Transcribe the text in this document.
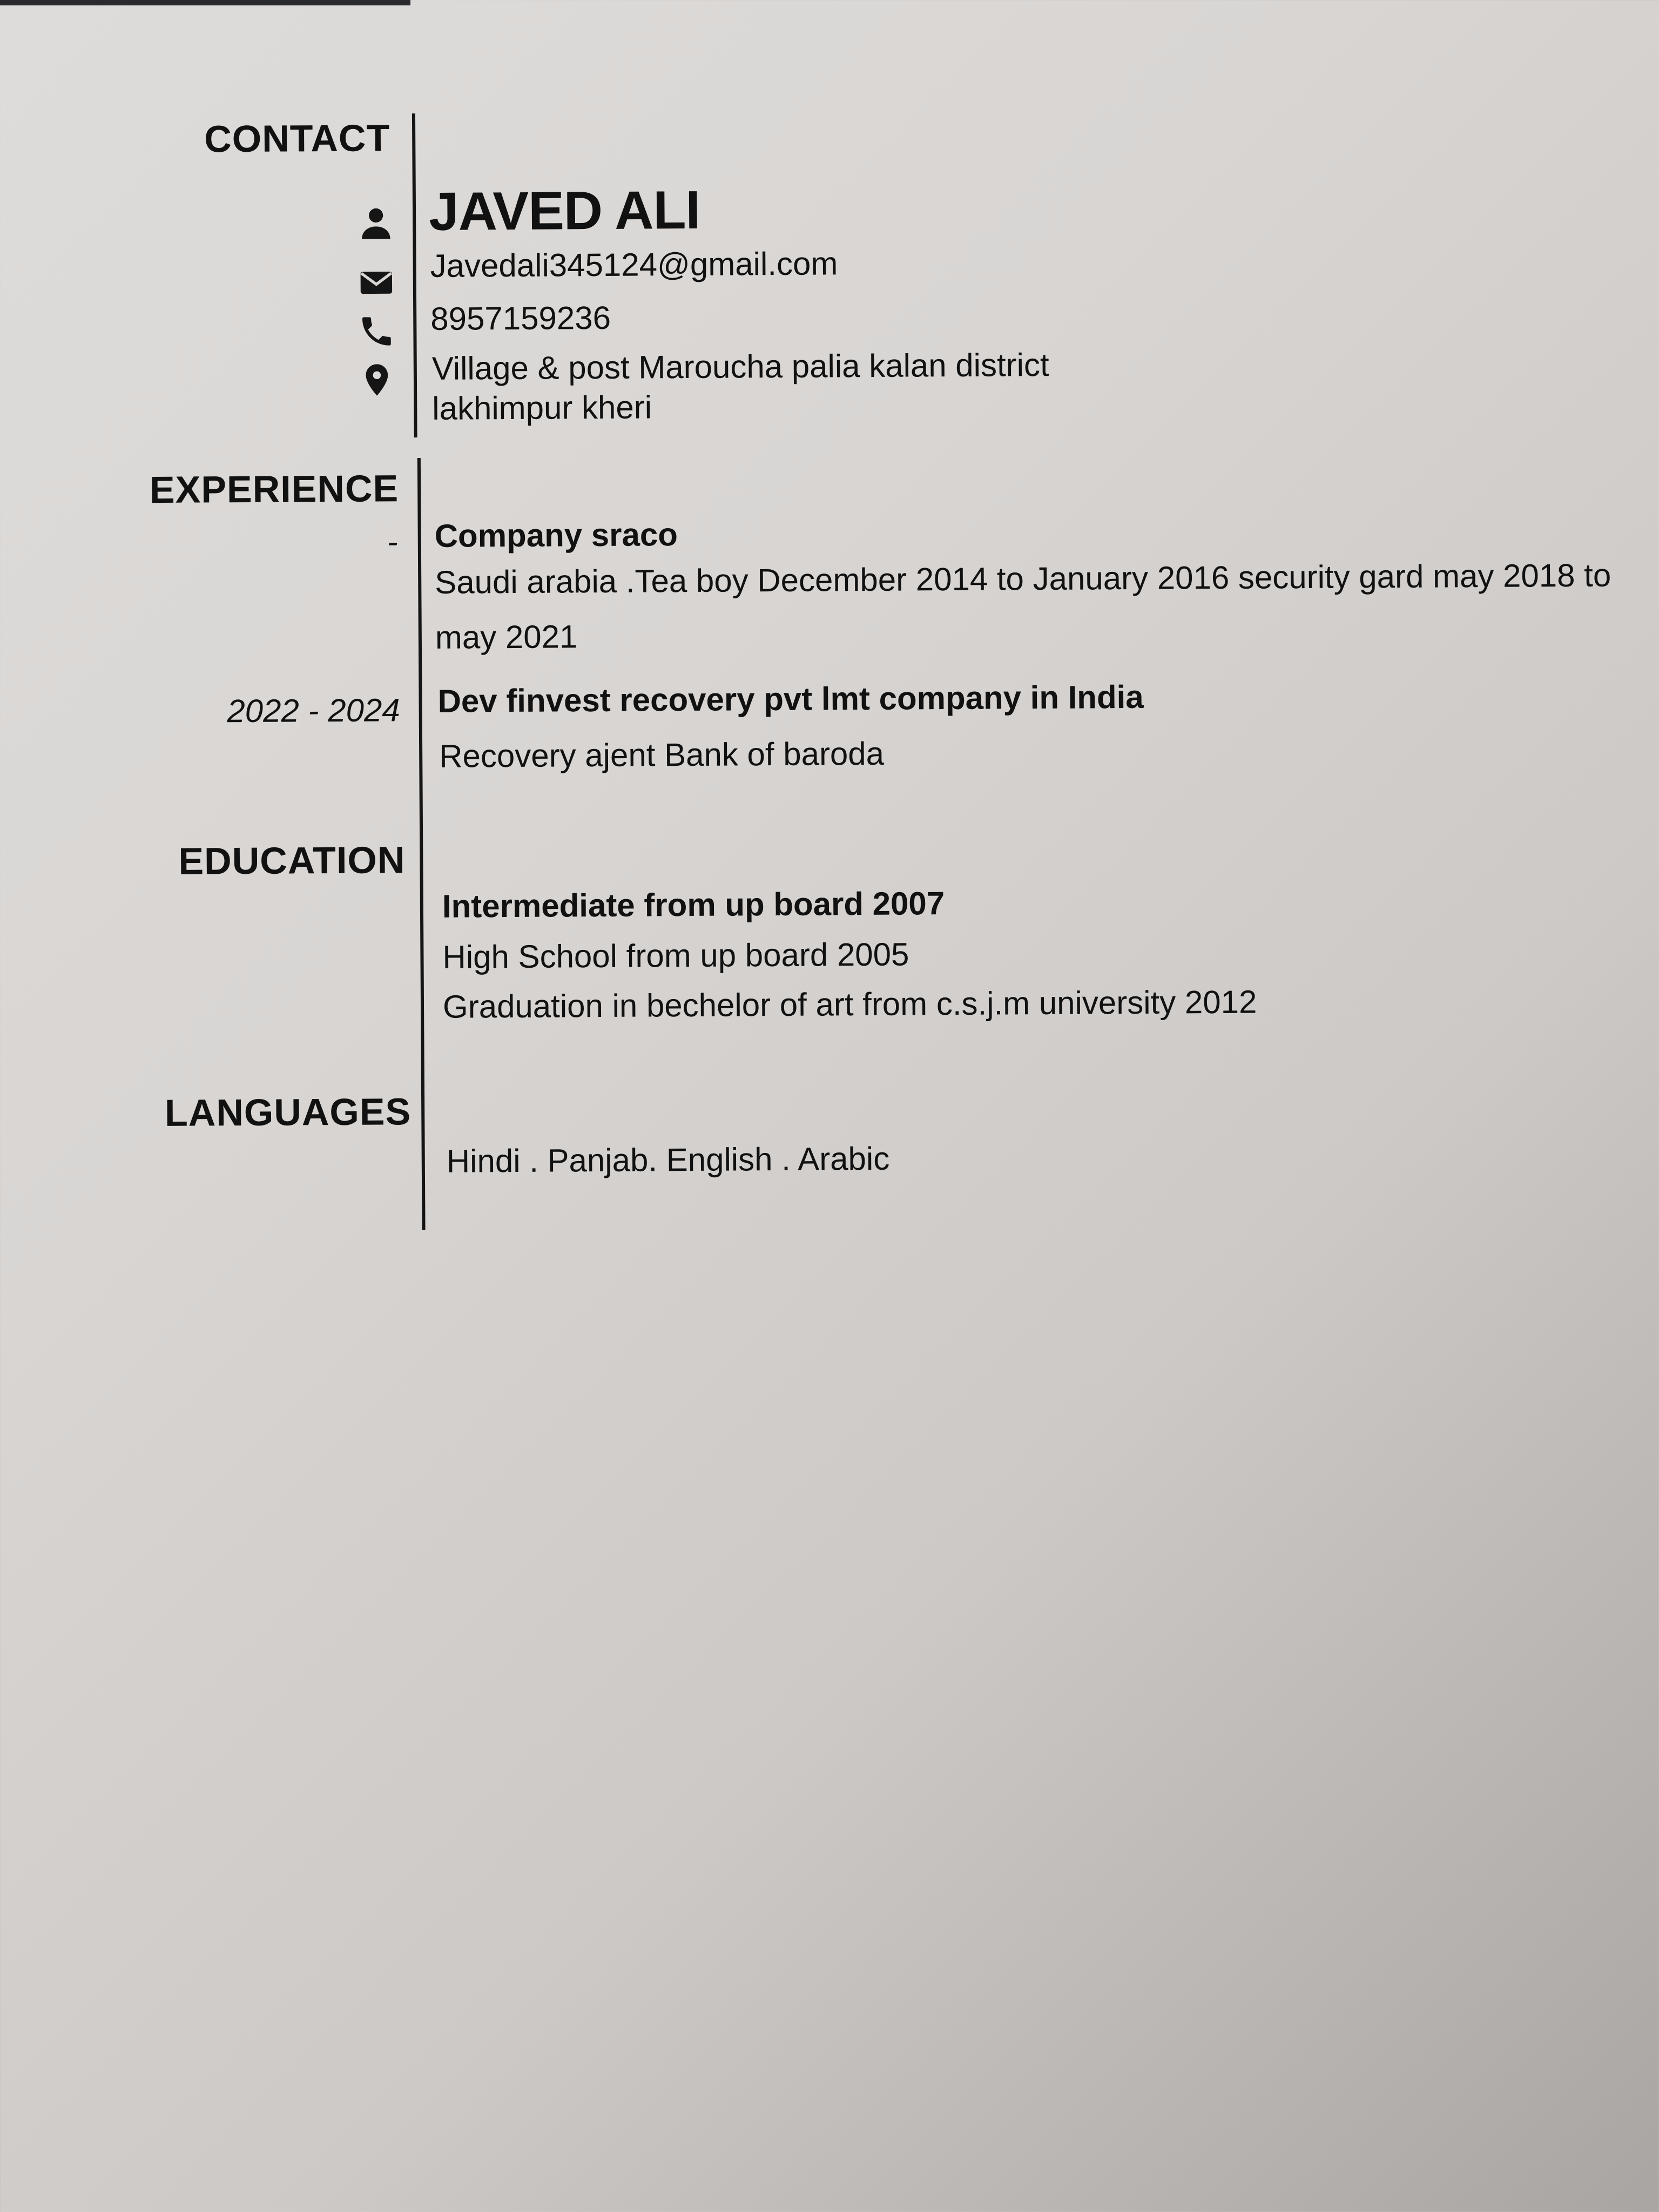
CONTACT
JAVED ALI
Javedali345124@gmail.com
8957159236
Village & post Maroucha palia kalan district
lakhimpur kheri
EXPERIENCE
- Company sraco
Saudi arabia .Tea boy December 2014 to January 2016 security gard may 2018 to
may 2021
2022 - 2024 Dev finvest recovery pvt lmt company in India
Recovery ajent Bank of baroda
EDUCATION
Intermediate from up board 2007
High School from up board 2005
Graduation in bechelor of art from c.s.j.m university 2012
LANGUAGES
Hindi . Panjab. English . Arabic
